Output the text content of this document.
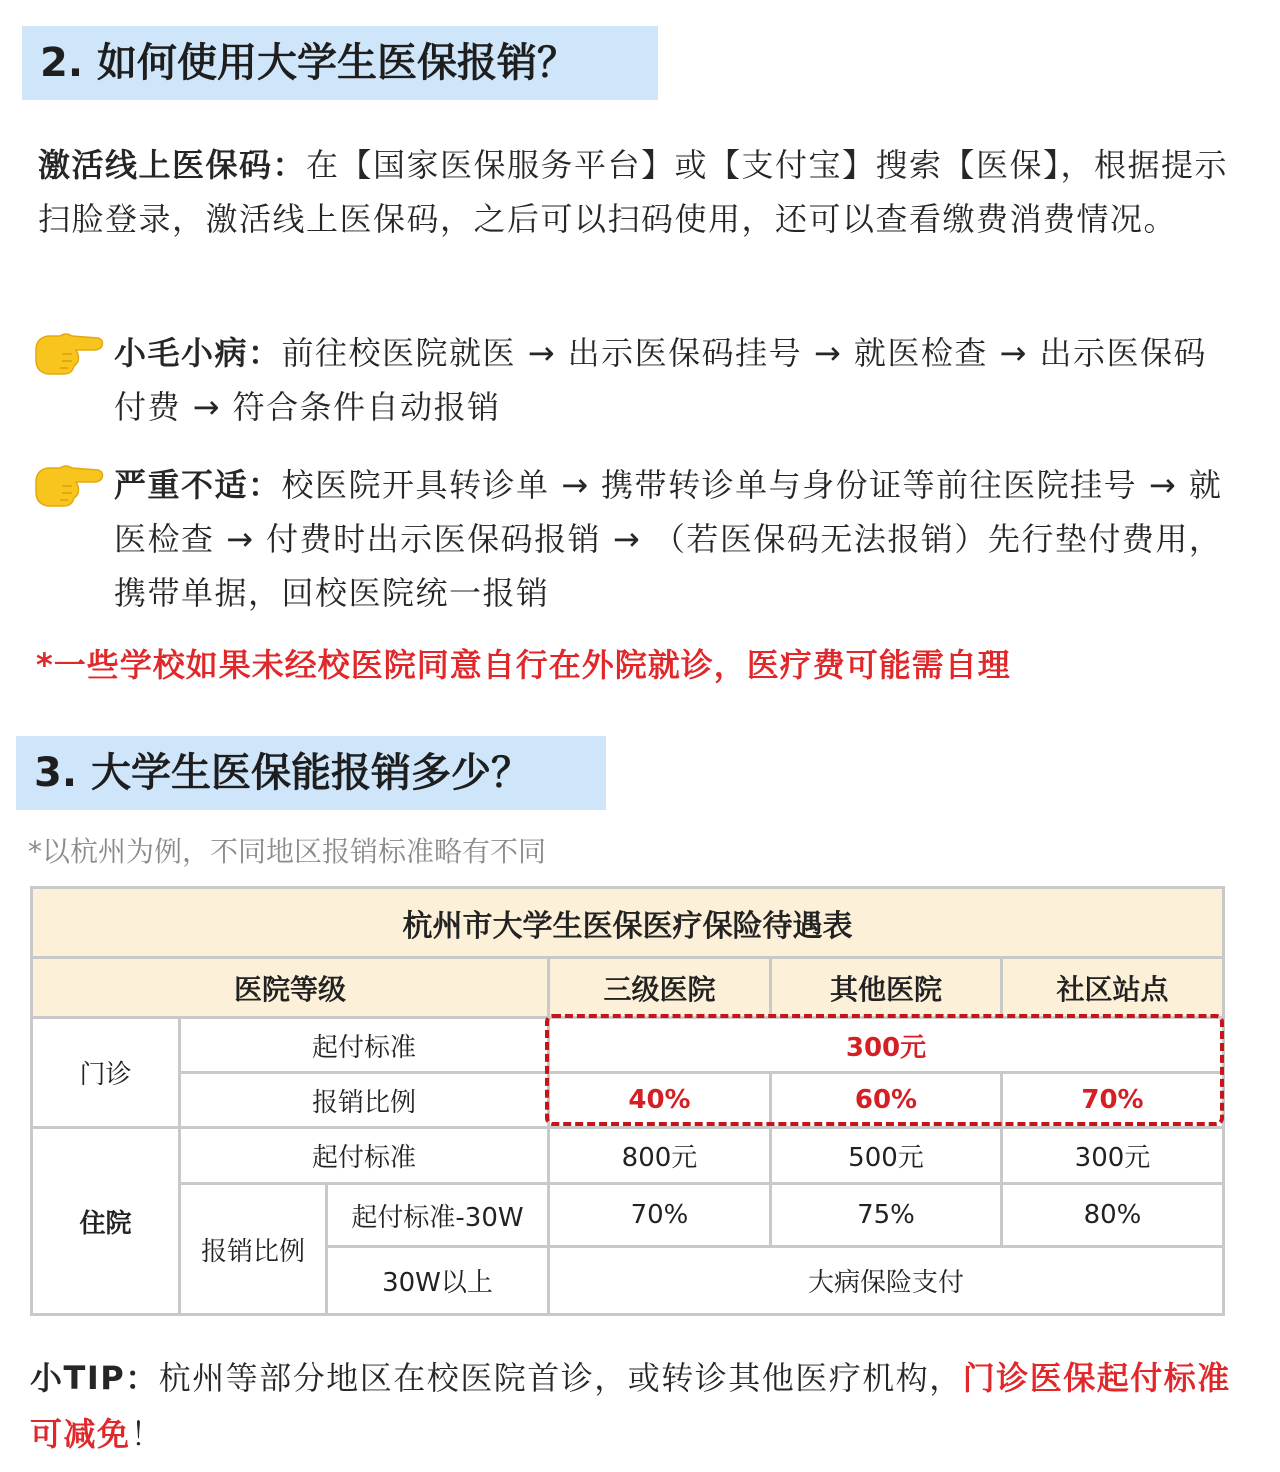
2. 如何使用大学生医保报销？
激活线上医保码：在【国家医保服务平台】或【支付宝】搜索【医保】，根据提示扫脸登录，激活线上医保码，之后可以扫码使用，还可以查看缴费消费情况。
小毛小病：前往校医院就医 → 出示医保码挂号 → 就医检查 → 出示医保码付费 → 符合条件自动报销
严重不适：校医院开具转诊单 → 携带转诊单与身份证等前往医院挂号 → 就医检查 → 付费时出示医保码报销 → （若医保码无法报销）先行垫付费用，携带单据，回校医院统一报销
*一些学校如果未经校医院同意自行在外院就诊，医疗费可能需自理
3. 大学生医保能报销多少？
*以杭州为例，不同地区报销标准略有不同
杭州市大学生医保医疗保险待遇表					
医院等级			三级医院	其他医院	社区站点
门诊	起付标准		300元		
	报销比例		40%	60%	70%
住院	起付标准		800元	500元	300元
	报销比例	起付标准-30W	70%	75%	80%
		30W以上	大病保险支付		
小TIP：杭州等部分地区在校医院首诊，或转诊其他医疗机构，门诊医保起付标准可减免！
